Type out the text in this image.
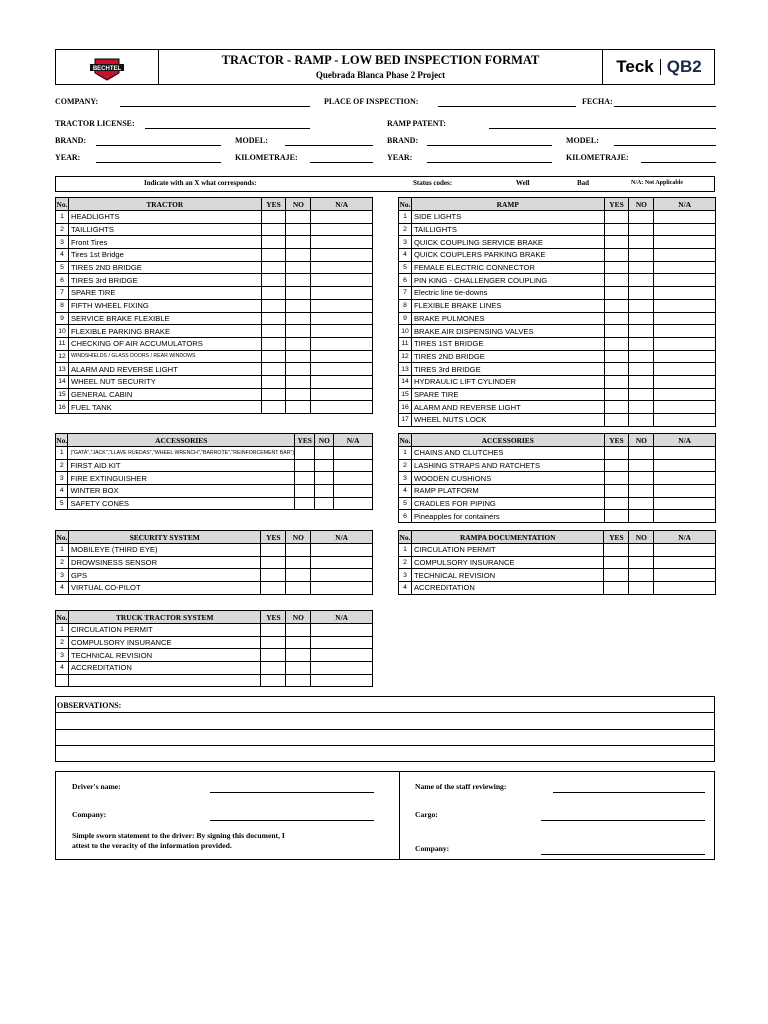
BECHTEL
TRACTOR - RAMP - LOW BED INSPECTION FORMAT
Quebrada Blanca Phase 2 Project	Teck QB2
COMPANY:	PLACE OF INSPECTION:	FECHA:
TRACTOR LICENSE:	RAMP PATENT:
BRAND:	MODEL:	BRAND:	MODEL:
YEAR:	KILOMETRAJE:	YEAR:	KILOMETRAJE:
Indicate with an X what corresponds:	Status codes:	Well	Bad	N/A: Not Applicable
No.	TRACTOR	YES	NO	N/A
1	HEADLIGHTS			
2	TAILLIGHTS			
3	Front Tires			
4	Tires 1st Bridge			
5	TIRES 2ND BRIDGE			
6	TIRES 3rd BRIDGE			
7	SPARE TIRE			
8	FIFTH WHEEL FIXING			
9	SERVICE BRAKE FLEXIBLE			
10	FLEXIBLE PARKING BRAKE			
11	CHECKING OF AIR ACCUMULATORS			
12	WINDSHIELDS / GLASS DOORS / REAR WINDOWS			
13	ALARM AND REVERSE LIGHT			
14	WHEEL NUT SECURITY			
15	GENERAL CABIN			
16	FUEL TANK			
No.	RAMP	YES	NO	N/A
1	SIDE LIGHTS			
2	TAILLIGHTS			
3	QUICK COUPLING SERVICE BRAKE			
4	QUICK COUPLERS PARKING BRAKE			
5	FEMALE ELECTRIC CONNECTOR			
6	PIN KING - CHALLENGER COUPLING			
7	Electric line tie-downs			
8	FLEXIBLE BRAKE LINES			
9	BRAKE PULMONES			
10	BRAKE AIR DISPENSING VALVES			
11	TIRES 1ST BRIDGE			
12	TIRES 2ND BRIDGE			
13	TIRES 3rd BRIDGE			
14	HYDRAULIC LIFT CYLINDER			
15	SPARE TIRE			
16	ALARM AND REVERSE LIGHT			
17	WHEEL NUTS LOCK			
No.	ACCESSORIES	YES	NO	N/A
1	("GATA","JACK","LLAVE RUEDAS","WHEEL WRENCH","BARROTE","REINFORCEMENT BAR")			
2	FIRST AID KIT			
3	FIRE EXTINGUISHER			
4	WINTER BOX			
5	SAFETY CONES			
No.	ACCESSORIES	YES	NO	N/A
1	CHAINS AND CLUTCHES			
2	LASHING STRAPS AND RATCHETS			
3	WOODEN CUSHIONS			
4	RAMP PLATFORM			
5	CRADLES FOR PIPING			
6	Pineapples for containers			
No.	SECURITY SYSTEM	YES	NO	N/A
1	MOBILEYE (THIRD EYE)			
2	DROWSINESS SENSOR			
3	GPS			
4	VIRTUAL CO-PILOT			
No.	RAMPA DOCUMENTATION	YES	NO	N/A
1	CIRCULATION PERMIT			
2	COMPULSORY INSURANCE			
3	TECHNICAL REVISION			
4	ACCREDITATION			
No.	TRUCK TRACTOR SYSTEM	YES	NO	N/A
1	CIRCULATION PERMIT			
2	COMPULSORY INSURANCE			
3	TECHNICAL REVISION			
4	ACCREDITATION			

OBSERVATIONS:
Driver's name:
Company:
Simple sworn statement to the driver: By signing this document, I attest to the veracity of the information provided.
Name of the staff reviewing:
Cargo:
Company:
